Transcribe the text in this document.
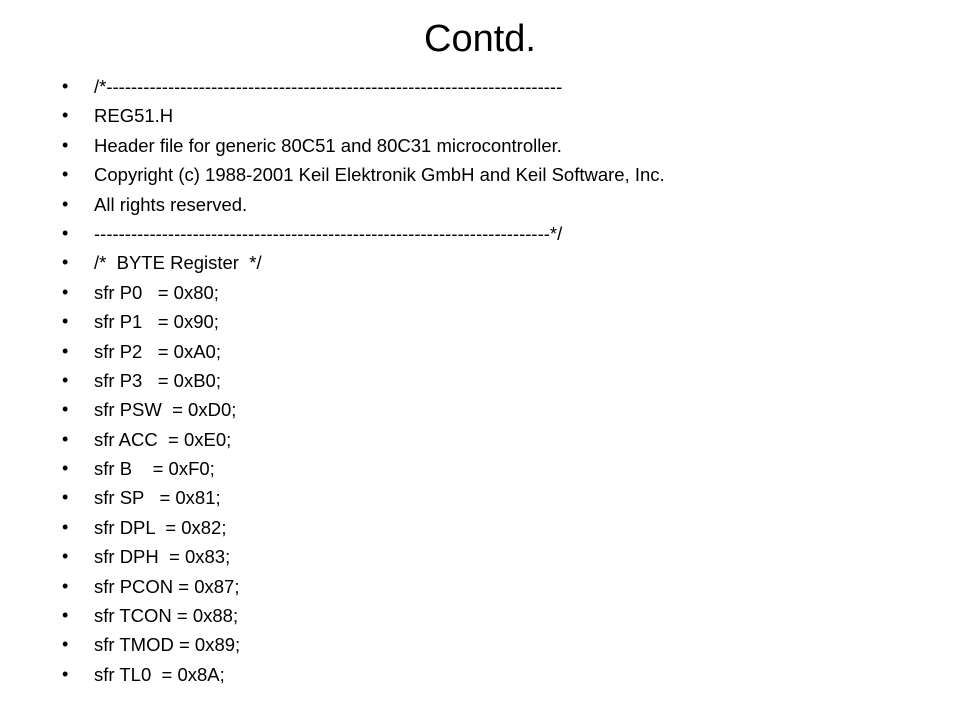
Contd.
•	/*--------------------------------------------------------------------------
•	REG51.H
•	Header file for generic 80C51 and 80C31 microcontroller.
•	Copyright (c) 1988-2001 Keil Elektronik GmbH and Keil Software, Inc.
•	All rights reserved.
•	--------------------------------------------------------------------------*/
•	/*  BYTE Register  */
•	sfr P0   = 0x80;
•	sfr P1   = 0x90;
•	sfr P2   = 0xA0;
•	sfr P3   = 0xB0;
•	sfr PSW  = 0xD0;
•	sfr ACC  = 0xE0;
•	sfr B    = 0xF0;
•	sfr SP   = 0x81;
•	sfr DPL  = 0x82;
•	sfr DPH  = 0x83;
•	sfr PCON = 0x87;
•	sfr TCON = 0x88;
•	sfr TMOD = 0x89;
•	sfr TL0  = 0x8A;
